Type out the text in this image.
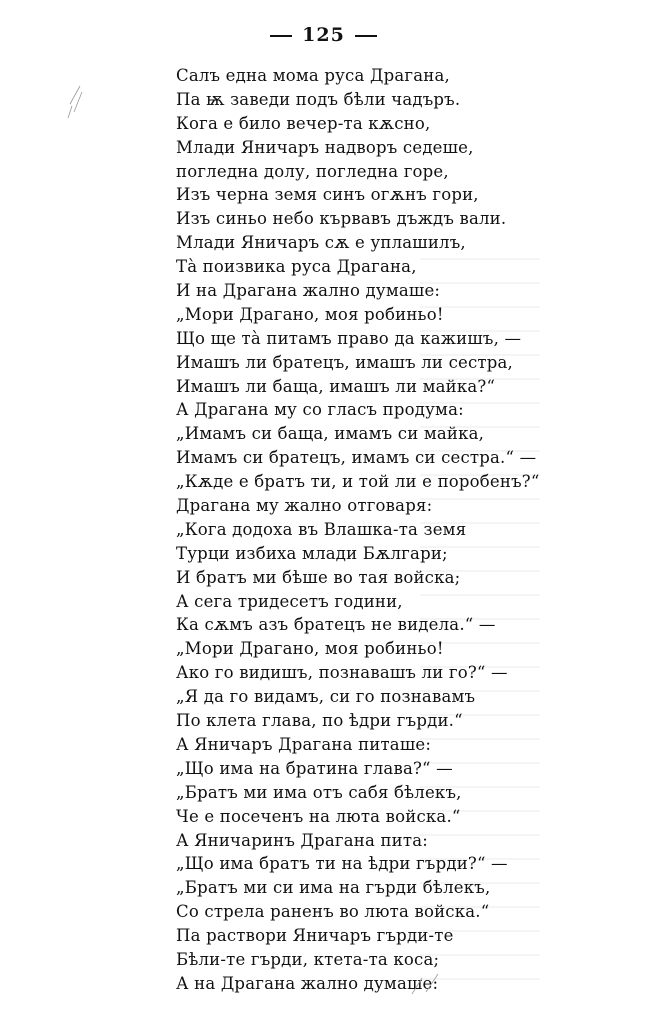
125
Салъ една мома руса Драгана,
Па ѭ заведи подъ бѣли чадъръ.
Кога е било вечер-та кѫсно,
Млади Яничаръ надворъ седеше,
погледна долу, погледна горе,
Изъ черна земя синъ огѫнъ гори,
Изъ синьо небо кървавъ дъждъ вали.
Млади Яничаръ сѫ е уплашилъ,
Тà поизвика руса Драгана,
И на Драгана жално думаше:
„Мори Драгано, моя робиньо!
Що ще тà питамъ право да кажишъ, —
Имашъ ли братецъ, имашъ ли сестра,
Имашъ ли баща, имашъ ли майка?“
А Драгана му со гласъ продума:
„Имамъ си баща, имамъ си майка,
Имамъ си братецъ, имамъ си сестра.“ —
„Кѫде е братъ ти, и той ли е поробенъ?“
Драгана му жално отговаря:
„Кога додоха въ Влашка-та земя
Турци избиха млади Бѫлгари;
И братъ ми бѣше во тая войска;
А сега тридесетъ години,
Ка сѫмъ азъ братецъ не видела.“ —
„Мори Драгано, моя робиньо!
Ако го видишъ, познавашъ ли го?“ —
„Я да го видамъ, си го познавамъ
По клета глава, по ѣдри гърди.“
А Яничаръ Драгана питаше:
„Що има на братина глава?“ —
„Братъ ми има отъ сабя бѣлекъ,
Че е посеченъ на люта войска.“
А Яничаринъ Драгана пита:
„Що има братъ ти на ѣдри гърди?“ —
„Братъ ми си има на гърди бѣлекъ,
Со стрела раненъ во люта войска.“
Па раствори Яничаръ гърди-те
Бѣли-те гърди, ктета-та коса;
А на Драгана жално думаше:
